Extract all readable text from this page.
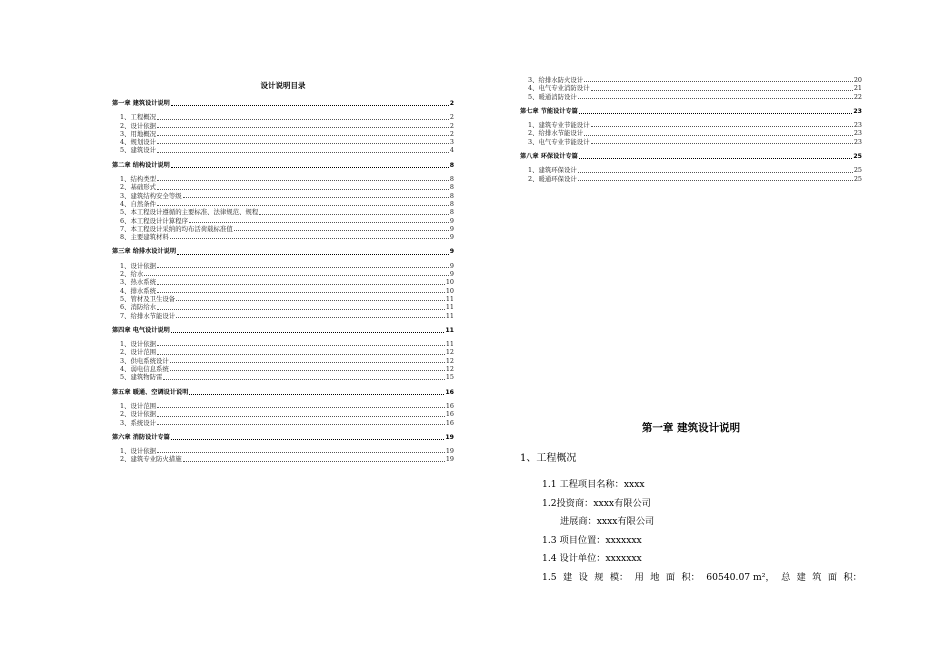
设计说明目录
第一章 建筑设计说明	2
1、工程概况	2
2、设计依据	2
3、用地概况	2
4、规划设计	3
5、建筑设计	4
第二章 结构设计说明	8
1、结构类型	8
2、基础形式	8
3、建筑结构安全等级	8
4、自然条件	8
5、本工程设计遵循的主要标准、法律规范、规程	8
6、本工程设计计算程序	9
7、本工程设计采纳的均布活荷载标准值	9
8、主要建筑材料	9
第三章 给排水设计说明	9
1、设计依据	9
2、给水	9
3、热水系统	10
4、排水系统	10
5、管材及卫生设备	11
6、消防给水	11
7、给排水节能设计	11
第四章 电气设计说明	11
1、设计依据	11
2、设计范围	12
3、供电系统设计	12
4、弱电信息系统	12
5、建筑物防雷	15
第五章 暖通、空调设计说明	16
1、设计范围	16
2、设计依据	16
3、系统设计	16
第六章 消防设计专篇	19
1、设计依据	19
2、建筑专业防火措施	19
3、给排水防火设计	20
4、电气专业消防设计	21
5、暖通消防设计	22
第七章 节能设计专篇	23
1、建筑专业节能设计	23
2、给排水节能设计	23
3、电气专业节能设计	23
第八章 环保设计专篇	25
1、建筑环保设计	25
2、暖通环保设计	25
第一章 建筑设计说明
1、工程概况
1.1 工程项目名称：xxxx
1.2投资商：xxxx有限公司
进展商：xxxx有限公司
1.3 项目位置：xxxxxxx
1.4 设计单位：xxxxxxx
1.5 建 设 规 模： 用 地 面 积： 60540.07 m²， 总 建 筑 面 积：
